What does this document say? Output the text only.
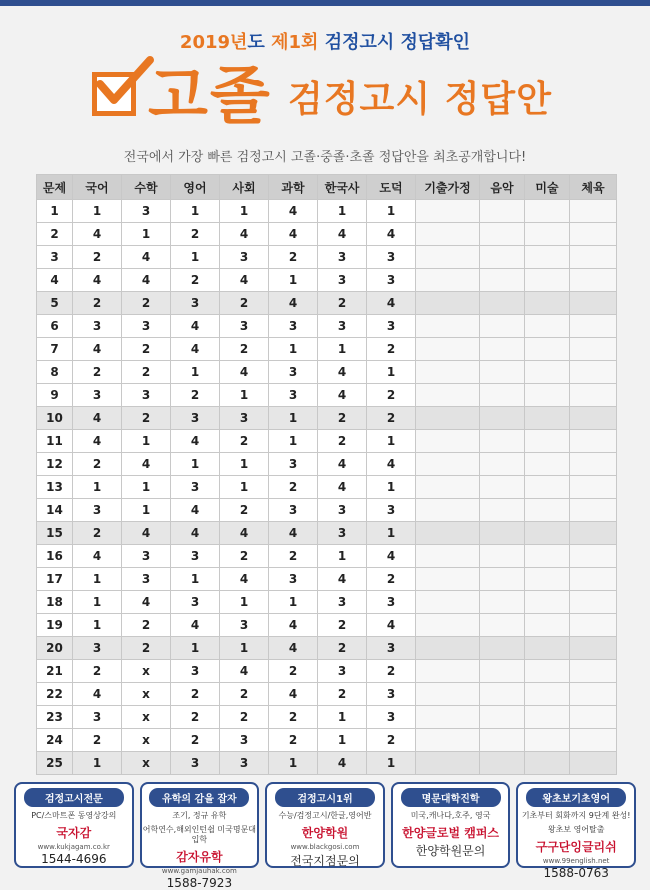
2019년도 제1회 검정고시 정답확인
고졸 검정고시 정답안
전국에서 가장 빠른 검정고시 고졸·중졸·초졸 정답안을 최초공개합니다!
문제	국어	수학	영어	사회	과학	한국사	도덕	기출가정	음악	미술	체육
1	1	3	1	1	4	1	1				
2	4	1	2	4	4	4	4				
3	2	4	1	3	2	3	3				
4	4	4	2	4	1	3	3				
5	2	2	3	2	4	2	4				
6	3	3	4	3	3	3	3				
7	4	2	4	2	1	1	2				
8	2	2	1	4	3	4	1				
9	3	3	2	1	3	4	2				
10	4	2	3	3	1	2	2				
11	4	1	4	2	1	2	1				
12	2	4	1	1	3	4	4				
13	1	1	3	1	2	4	1				
14	3	1	4	2	3	3	3				
15	2	4	4	4	4	3	1				
16	4	3	3	2	2	1	4				
17	1	3	1	4	3	4	2				
18	1	4	3	1	1	3	3				
19	1	2	4	3	4	2	4				
20	3	2	1	1	4	2	3				
21	2	x	3	4	2	3	2				
22	4	x	2	2	4	2	3				
23	3	x	2	2	2	1	3				
24	2	x	2	3	2	1	2				
25	1	x	3	3	1	4	1				
검정고시전문
PC/스마트폰 동영상강의
국자감
www.kukjagam.co.kr
1544-4696
유학의 감을 잡자
조기, 정규 유학
어학연수,해외인턴쉽 미국명문대입학
감자유학
www.gamjauhak.com
1588-7923
검정고시1위
수능/검정고시/한글,영어반
한양학원
www.blackgosi.com
전국지점문의
명문대학진학
미국,캐나다,호주, 영국
한양글로벌 캠퍼스
한양학원문의
왕초보기초영어
기초부터 회화까지 9단계 완성!
왕초보 영어탈출
구구단잉글리쉬
www.99english.net
1588-0763
